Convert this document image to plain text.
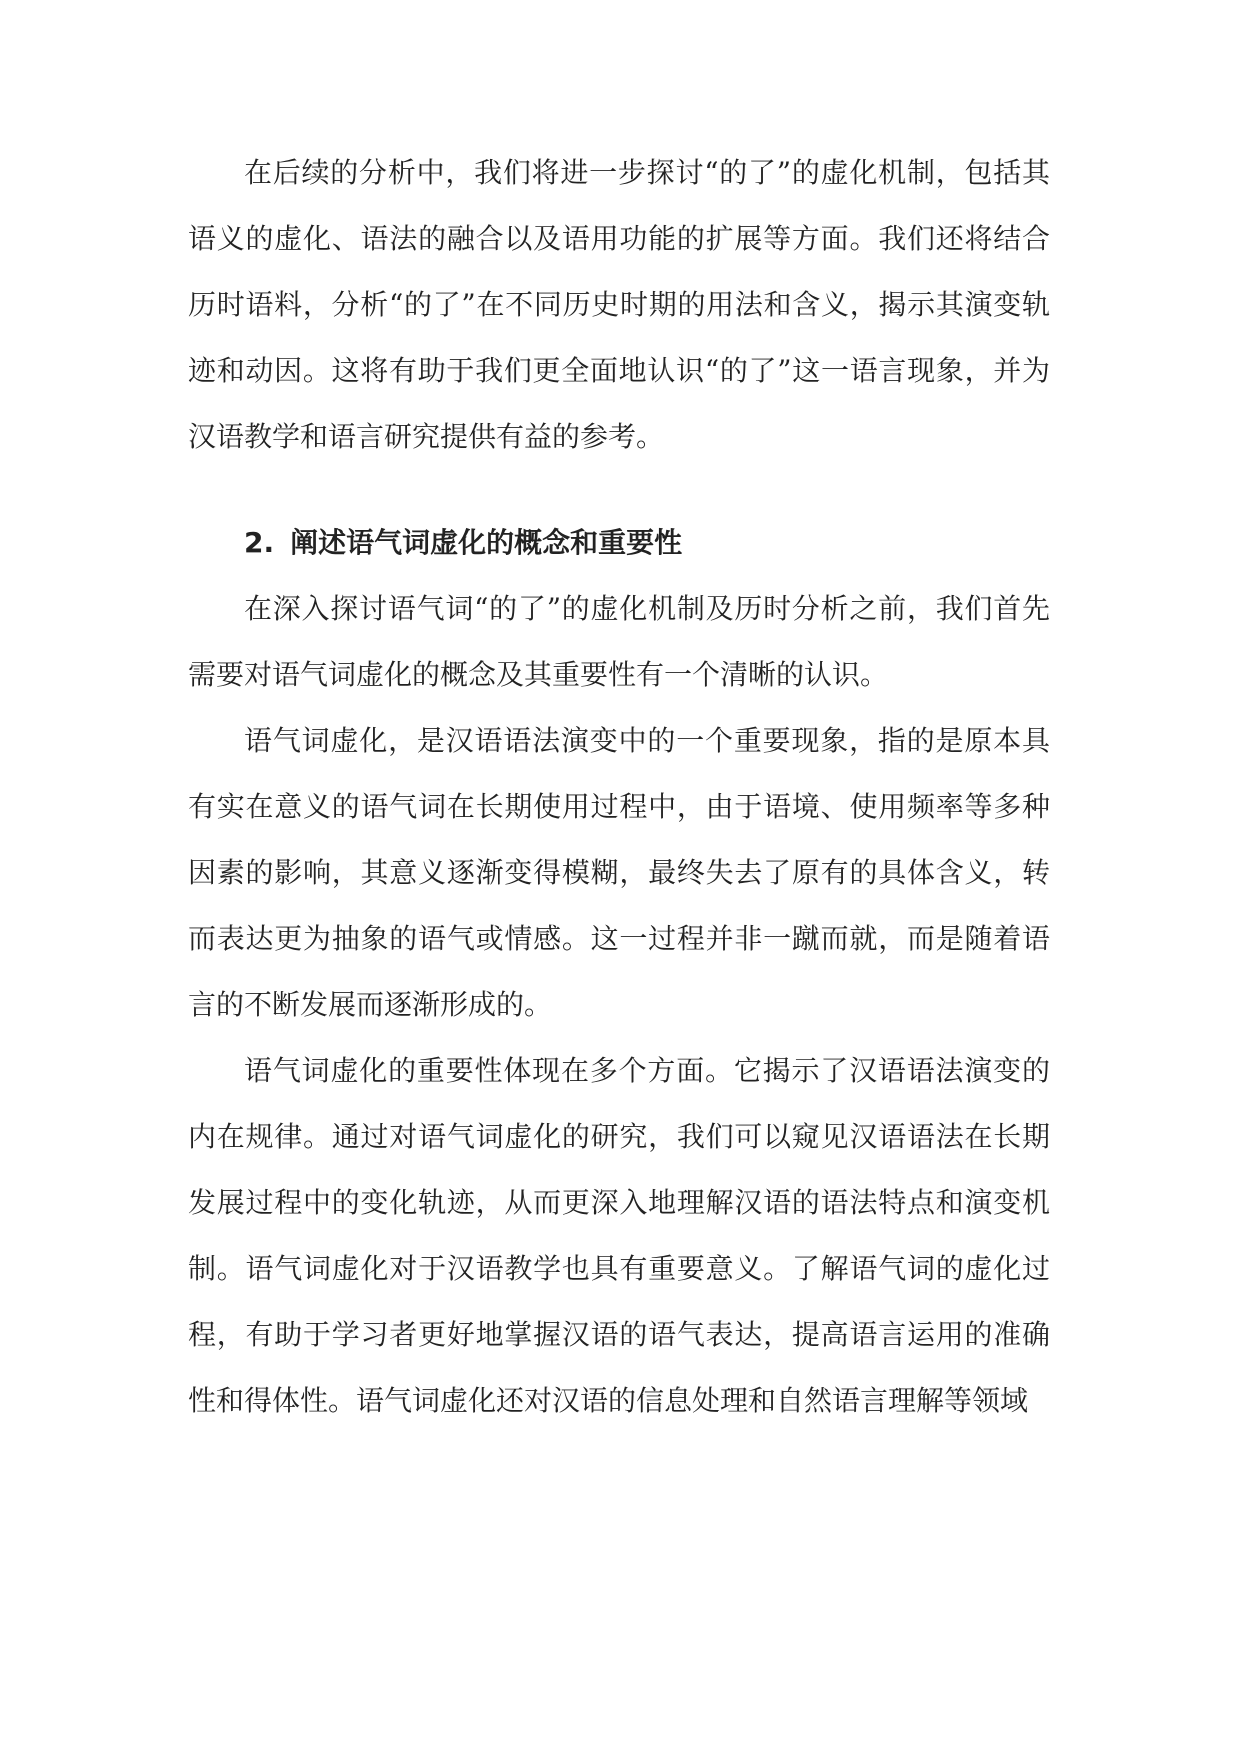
在后续的分析中，我们将进一步探讨“的了”的虚化机制，包括其语义的虚化、语法的融合以及语用功能的扩展等方面。我们还将结合历时语料，分析“的了”在不同历史时期的用法和含义，揭示其演变轨迹和动因。这将有助于我们更全面地认识“的了”这一语言现象，并为汉语教学和语言研究提供有益的参考。

2. 阐述语气词虚化的概念和重要性

在深入探讨语气词“的了”的虚化机制及历时分析之前，我们首先需要对语气词虚化的概念及其重要性有一个清晰的认识。

语气词虚化，是汉语语法演变中的一个重要现象，指的是原本具有实在意义的语气词在长期使用过程中，由于语境、使用频率等多种因素的影响，其意义逐渐变得模糊，最终失去了原有的具体含义，转而表达更为抽象的语气或情感。这一过程并非一蹴而就，而是随着语言的不断发展而逐渐形成的。

语气词虚化的重要性体现在多个方面。它揭示了汉语语法演变的内在规律。通过对语气词虚化的研究，我们可以窥见汉语语法在长期发展过程中的变化轨迹，从而更深入地理解汉语的语法特点和演变机制。语气词虚化对于汉语教学也具有重要意义。了解语气词的虚化过程，有助于学习者更好地掌握汉语的语气表达，提高语言运用的准确性和得体性。语气词虚化还对汉语的信息处理和自然语言理解等领域
